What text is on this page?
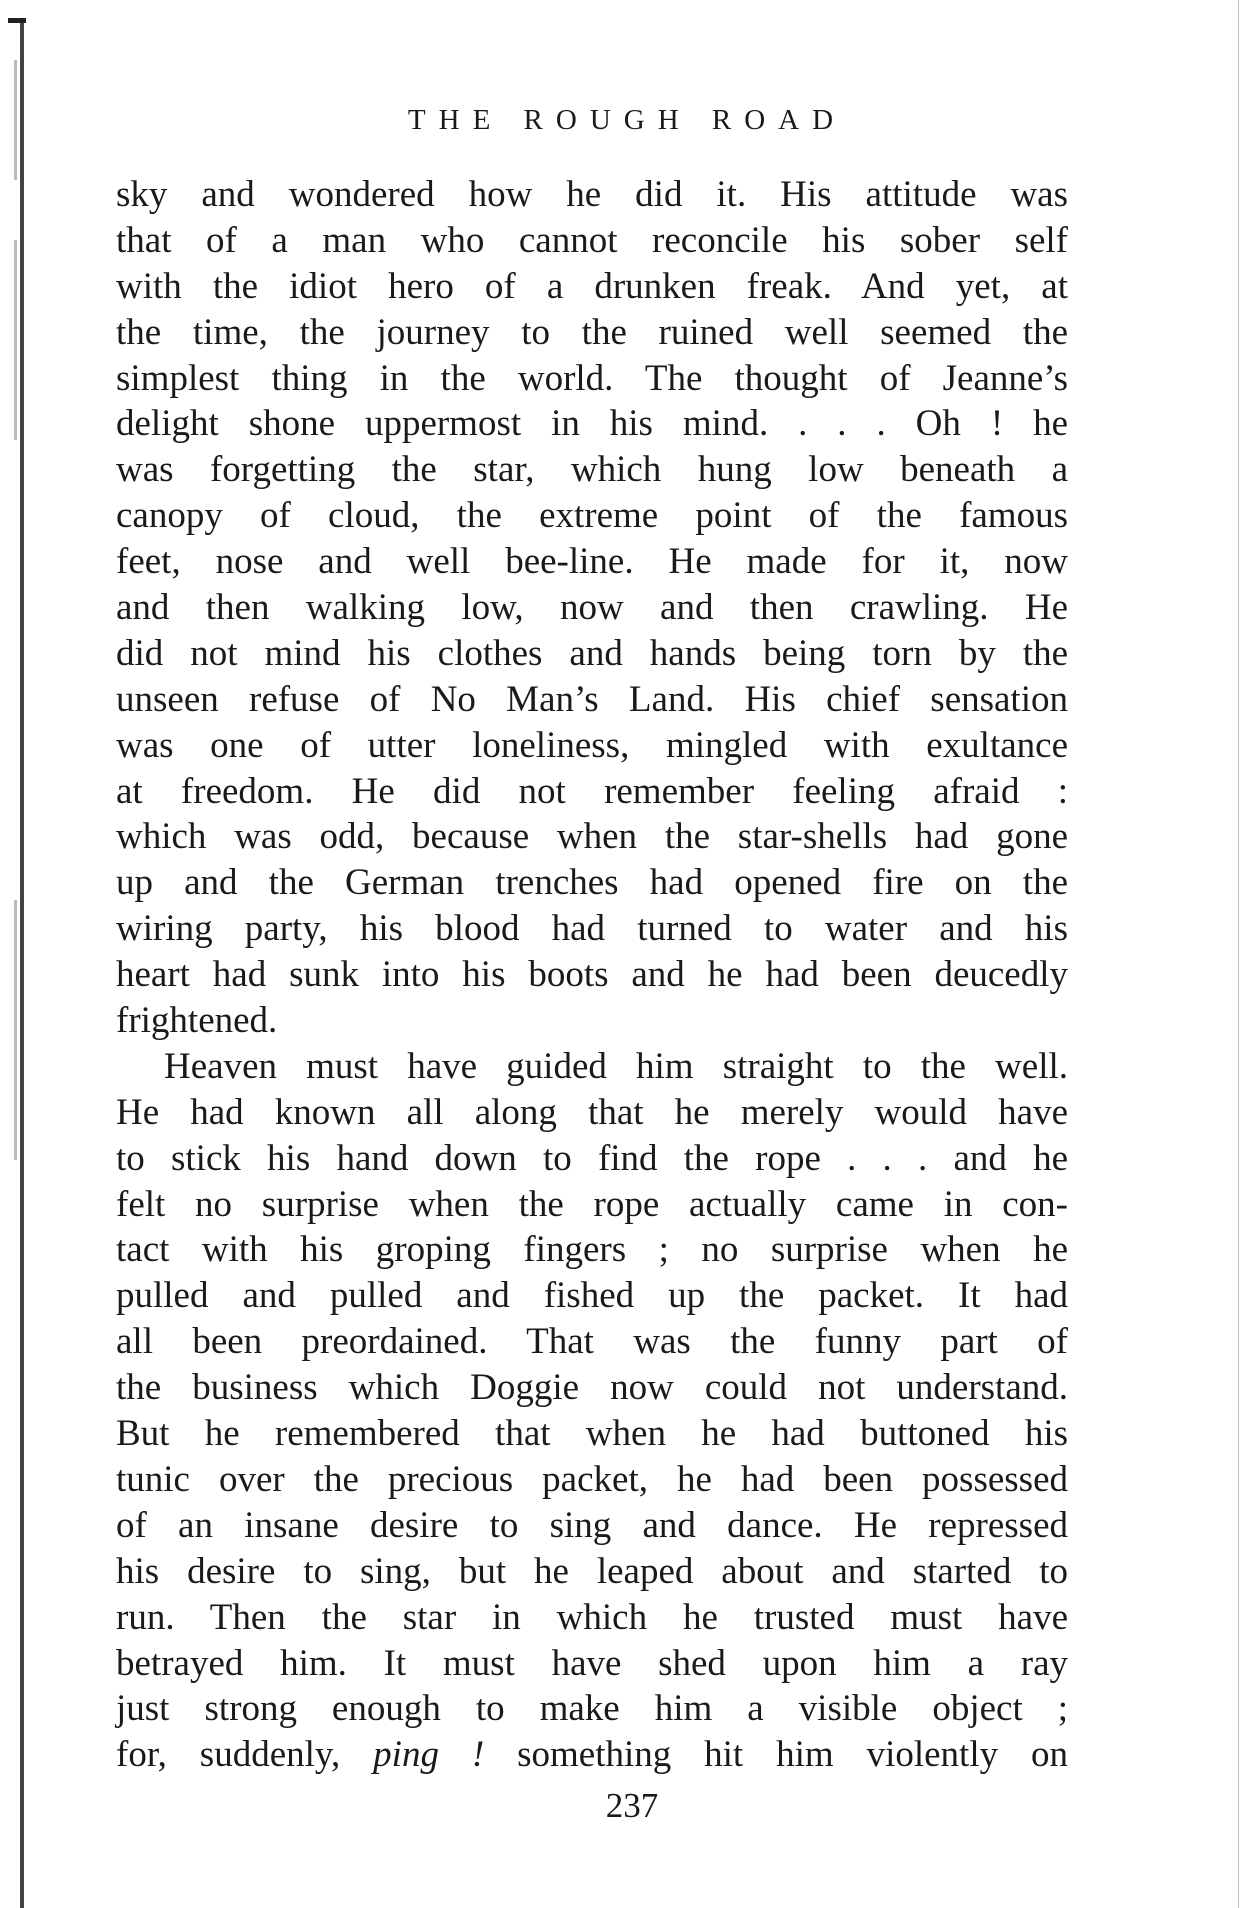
THE ROUGH ROAD
sky and wondered how he did it. His attitude was
that of a man who cannot reconcile his sober self
with the idiot hero of a drunken freak. And yet, at
the time, the journey to the ruined well seemed the
simplest thing in the world. The thought of Jeanne’s
delight shone uppermost in his mind. . . . Oh ! he
was forgetting the star, which hung low beneath a
canopy of cloud, the extreme point of the famous
feet, nose and well bee-line. He made for it, now
and then walking low, now and then crawling. He
did not mind his clothes and hands being torn by the
unseen refuse of No Man’s Land. His chief sensation
was one of utter loneliness, mingled with exultance
at freedom. He did not remember feeling afraid :
which was odd, because when the star-shells had gone
up and the German trenches had opened fire on the
wiring party, his blood had turned to water and his
heart had sunk into his boots and he had been deucedly
frightened.
Heaven must have guided him straight to the well.
He had known all along that he merely would have
to stick his hand down to find the rope . . . and he
felt no surprise when the rope actually came in con-
tact with his groping fingers ; no surprise when he
pulled and pulled and fished up the packet. It had
all been preordained. That was the funny part of
the business which Doggie now could not understand.
But he remembered that when he had buttoned his
tunic over the precious packet, he had been possessed
of an insane desire to sing and dance. He repressed
his desire to sing, but he leaped about and started to
run. Then the star in which he trusted must have
betrayed him. It must have shed upon him a ray
just strong enough to make him a visible object ;
for, suddenly, ping ! something hit him violently on

237
